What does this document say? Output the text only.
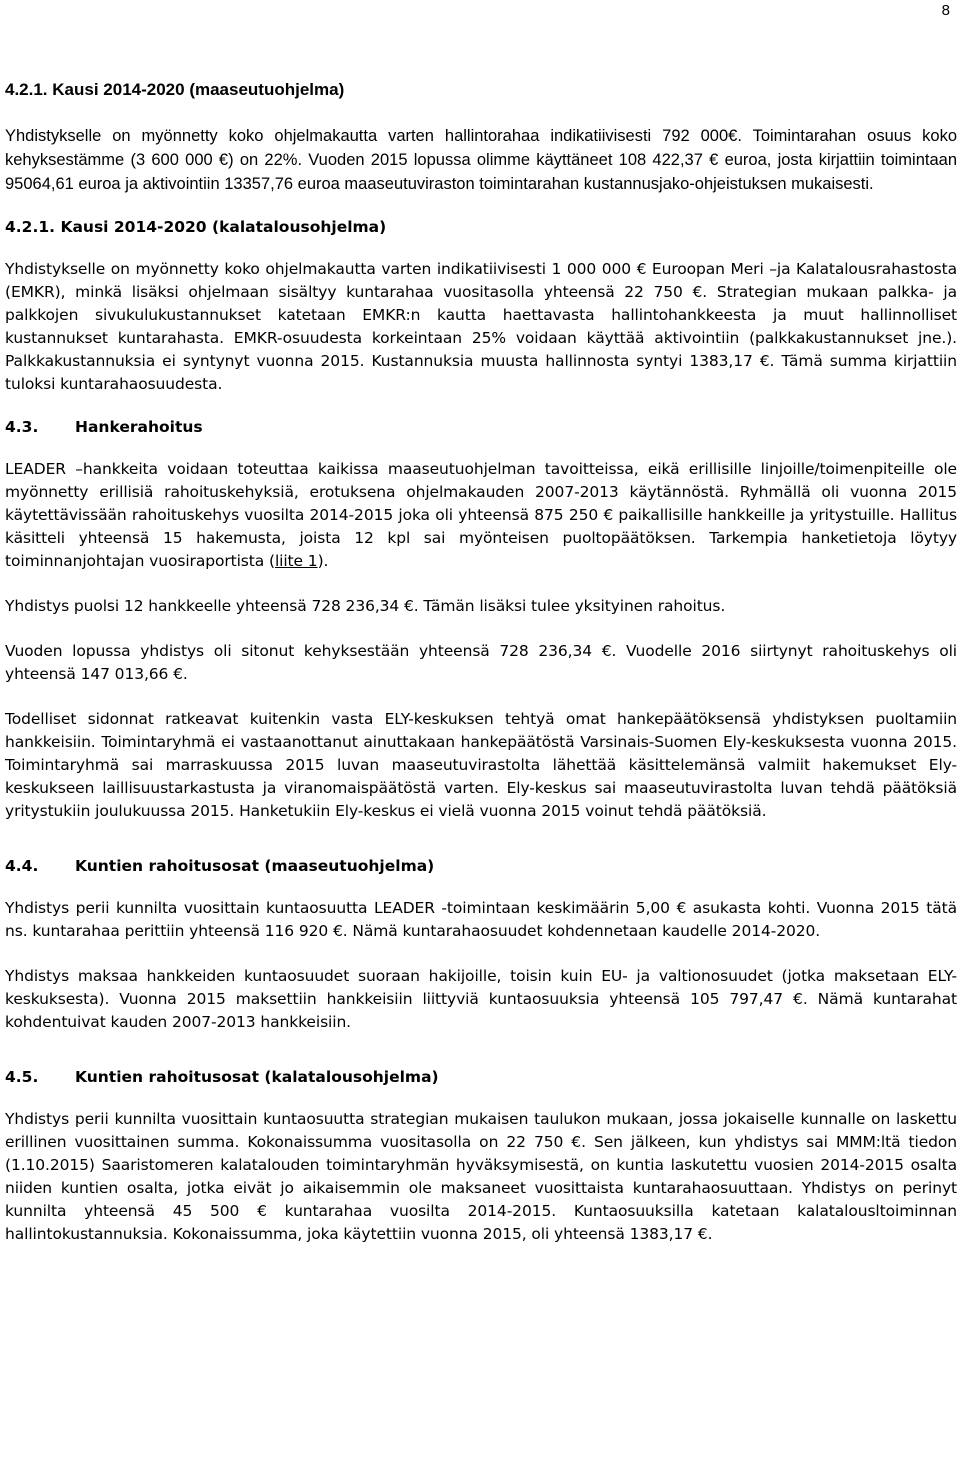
8
4.2.1. Kausi 2014-2020 (maaseutuohjelma)

Yhdistykselle on myönnetty koko ohjelmakautta varten hallintorahaa indikatiivisesti 792 000€. Toimintarahan osuus koko kehyksestämme (3 600 000 €) on 22%. Vuoden 2015 lopussa olimme käyttäneet 108 422,37 € euroa, josta kirjattiin toimintaan 95064,61 euroa ja aktivointiin 13357,76 euroa maaseutuviraston toimintarahan kustannusjako-ohjeistuksen mukaisesti.

4.2.1.
Kausi 2014-2020 (kalatalousohjelma)

Yhdistykselle on myönnetty koko ohjelmakautta varten indikatiivisesti 1 000 000 € Euroopan Meri –ja Kalatalousrahastosta (EMKR), minkä lisäksi ohjelmaan sisältyy kuntarahaa vuositasolla yhteensä 22 750 €. Strategian mukaan palkka- ja palkkojen sivukulukustannukset katetaan EMKR:n kautta haettavasta hallintohankkeesta ja muut hallinnolliset kustannukset kuntarahasta. EMKR-osuudesta korkeintaan 25% voidaan käyttää aktivointiin (palkkakustannukset jne.). Palkkakustannuksia ei syntynyt vuonna 2015. Kustannuksia muusta hallinnosta syntyi 1383,17 €. Tämä summa kirjattiin tuloksi kuntarahaosuudesta.

4.3.	Hankerahoitus

LEADER –hankkeita voidaan toteuttaa kaikissa maaseutuohjelman tavoitteissa, eikä erillisille linjoille/toimenpiteille ole myönnetty erillisiä rahoituskehyksiä, erotuksena ohjelmakauden 2007-2013 käytännöstä. Ryhmällä oli vuonna 2015 käytettävissään rahoituskehys vuosilta 2014-2015 joka oli yhteensä 875 250 € paikallisille hankkeille ja yritystuille. Hallitus käsitteli yhteensä 15 hakemusta, joista 12 kpl sai myönteisen puoltopäätöksen. Tarkempia hanketietoja löytyy toiminnanjohtajan vuosiraportista (liite 1).

Yhdistys puolsi 12 hankkeelle yhteensä 728 236,34 €. Tämän lisäksi tulee yksityinen rahoitus.

Vuoden lopussa yhdistys oli sitonut kehyksestään yhteensä 728 236,34 €. Vuodelle 2016 siirtynyt rahoituskehys oli yhteensä 147 013,66 €.

Todelliset sidonnat ratkeavat kuitenkin vasta ELY-keskuksen tehtyä omat hankepäätöksensä yhdistyksen puoltamiin hankkeisiin. Toimintaryhmä ei vastaanottanut ainuttakaan hankepäätöstä Varsinais-Suomen Ely-keskuksesta vuonna 2015. Toimintaryhmä sai marraskuussa 2015 luvan maaseutuvirastolta lähettää käsittelemänsä valmiit hakemukset Ely-keskukseen laillisuustarkastusta ja viranomaispäätöstä varten. Ely-keskus sai maaseutuvirastolta luvan tehdä päätöksiä yritystukiin joulukuussa 2015. Hanketukiin Ely-keskus ei vielä vuonna 2015 voinut tehdä päätöksiä.

4.4.	Kuntien rahoitusosat (maaseutuohjelma)

Yhdistys perii kunnilta vuosittain kuntaosuutta LEADER -toimintaan keskimäärin 5,00 € asukasta kohti. Vuonna 2015 tätä ns. kuntarahaa perittiin yhteensä 116 920 €. Nämä kuntarahaosuudet kohdennetaan kaudelle 2014-2020.

Yhdistys maksaa hankkeiden kuntaosuudet suoraan hakijoille, toisin kuin EU- ja valtionosuudet (jotka maksetaan ELY-keskuksesta). Vuonna 2015 maksettiin hankkeisiin liittyviä kuntaosuuksia yhteensä 105 797,47 €. Nämä kuntarahat kohdentuivat kauden 2007-2013 hankkeisiin.

4.5.	Kuntien rahoitusosat (kalatalousohjelma)

Yhdistys perii kunnilta vuosittain kuntaosuutta strategian mukaisen taulukon mukaan, jossa jokaiselle kunnalle on laskettu erillinen vuosittainen summa. Kokonaissumma vuositasolla on 22 750 €. Sen jälkeen, kun yhdistys sai MMM:ltä tiedon (1.10.2015) Saaristomeren kalatalouden toimintaryhmän hyväksymisestä, on kuntia laskutettu vuosien 2014-2015 osalta niiden kuntien osalta, jotka eivät jo aikaisemmin ole maksaneet vuosittaista kuntarahaosuuttaan. Yhdistys on perinyt kunnilta yhteensä 45 500 € kuntarahaa vuosilta 2014-2015. Kuntaosuuksilla katetaan kalatalousltoiminnan hallintokustannuksia. Kokonaissumma, joka käytettiin vuonna 2015, oli yhteensä 1383,17 €.
